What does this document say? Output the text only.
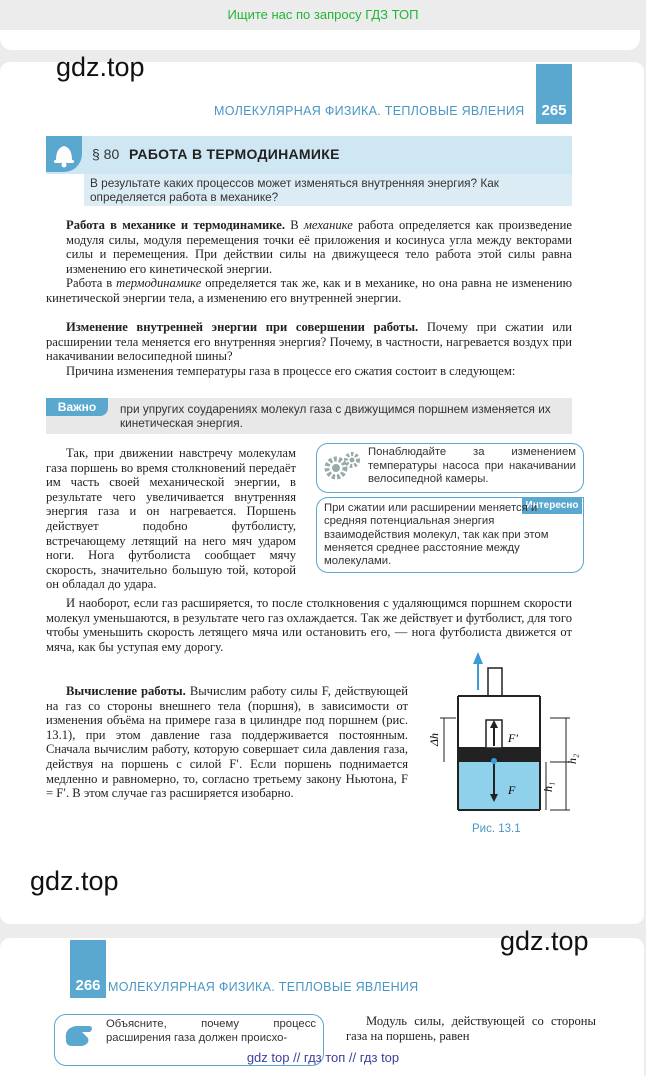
Ищите нас по запросу ГДЗ ТОП
gdz.top
265
МОЛЕКУЛЯРНАЯ ФИЗИКА. ТЕПЛОВЫЕ ЯВЛЕНИЯ
§ 80 РАБОТА В ТЕРМОДИНАМИКЕ
В результате каких процессов может изменяться внутренняя энергия? Как определяется работа в механике?
Работа в механике и термодинамике. В механике работа определяется как произведение модуля силы, модуля перемещения точки её приложения и косинуса угла между векторами силы и перемещения. При действии силы на движущееся тело работа этой силы равна изменению его кинетической энергии.
Работа в термодинамике определяется так же, как и в механике, но она равна не изменению кинетической энергии тела, а изменению его внутренней энергии.
Изменение внутренней энергии при совершении работы. Почему при сжатии или расширении тела меняется его внутренняя энергия? Почему, в частности, нагревается воздух при накачивании велосипедной шины?
Причина изменения температуры газа в процессе его сжатия состоит в следующем:
Важно	при упругих соударениях молекул газа с движущимся поршнем изменяется их кинетическая энергия.
Так, при движении навстречу молекулам газа поршень во время столкновений передаёт им часть своей механической энергии, в результате чего увеличивается внутренняя энергия газа и он нагревается. Поршень действует подобно футболисту, встречающему летящий на него мяч ударом ноги. Нога футболиста сообщает мячу скорость, значительно большую той, которой он обладал до удара.
Понаблюдайте за изменением температуры насоса при накачивании велосипедной камеры.
Интересно
При сжатии или расширении меняется и средняя потенциальная энергия взаимодействия молекул, так как при этом меняется среднее расстояние между молекулами.
И наоборот, если газ расширяется, то после столкновения с удаляющимся поршнем скорости молекул уменьшаются, в результате чего газ охлаждается. Так же действует и футболист, для того чтобы уменьшить скорость летящего мяча или остановить его, — нога футболиста движется от мяча, как бы уступая ему дорогу.
Вычисление работы. Вычислим работу силы F, действующей на газ со стороны внешнего тела (поршня), в зависимости от изменения объёма на примере газа в цилиндре под поршнем (рис. 13.1), при этом давление газа поддерживается постоянным. Сначала вычислим работу, которую совершает сила давления газа, действуя на поршень с силой F′. Если поршень поднимается медленно и равномерно, то, согласно третьему закону Ньютона, F = F′. В этом случае газ расширяется изобарно.
Δh	F′
F
h₂
h₁
Рис. 13.1
gdz.top
gdz.top
266 МОЛЕКУЛЯРНАЯ ФИЗИКА. ТЕПЛОВЫЕ ЯВЛЕНИЯ
Объясните, почему процесс расширения газа должен происхо-
Модуль силы, действующей со стороны газа на поршень, равен
gdz top // гдз топ // гдз top
